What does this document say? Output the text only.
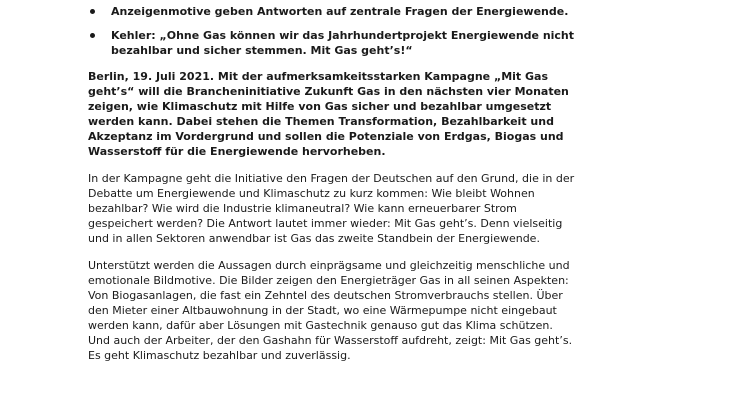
Anzeigenmotive geben Antworten auf zentrale Fragen der Energiewende.
Kehler: „Ohne Gas können wir das Jahrhundertprojekt Energiewende nicht bezahlbar und sicher stemmen. Mit Gas geht’s!“

Berlin, 19. Juli 2021. Mit der aufmerksamkeitsstarken Kampagne „Mit Gas geht’s“ will die Brancheninitiative Zukunft Gas in den nächsten vier Monaten zeigen, wie Klimaschutz mit Hilfe von Gas sicher und bezahlbar umgesetzt werden kann. Dabei stehen die Themen Transformation, Bezahlbarkeit und Akzeptanz im Vordergrund und sollen die Potenziale von Erdgas, Biogas und Wasserstoff für die Energiewende hervorheben.

In der Kampagne geht die Initiative den Fragen der Deutschen auf den Grund, die in der Debatte um Energiewende und Klimaschutz zu kurz kommen: Wie bleibt Wohnen bezahlbar? Wie wird die Industrie klimaneutral? Wie kann erneuerbarer Strom gespeichert werden? Die Antwort lautet immer wieder: Mit Gas geht’s. Denn vielseitig und in allen Sektoren anwendbar ist Gas das zweite Standbein der Energiewende.

Unterstützt werden die Aussagen durch einprägsame und gleichzeitig menschliche und emotionale Bildmotive. Die Bilder zeigen den Energieträger Gas in all seinen Aspekten: Von Biogasanlagen, die fast ein Zehntel des deutschen Stromverbrauchs stellen. Über den Mieter einer Altbauwohnung in der Stadt, wo eine Wärmepumpe nicht eingebaut werden kann, dafür aber Lösungen mit Gastechnik genauso gut das Klima schützen. Und auch der Arbeiter, der den Gashahn für Wasserstoff aufdreht, zeigt: Mit Gas geht’s. Es geht Klimaschutz bezahlbar und zuverlässig.
